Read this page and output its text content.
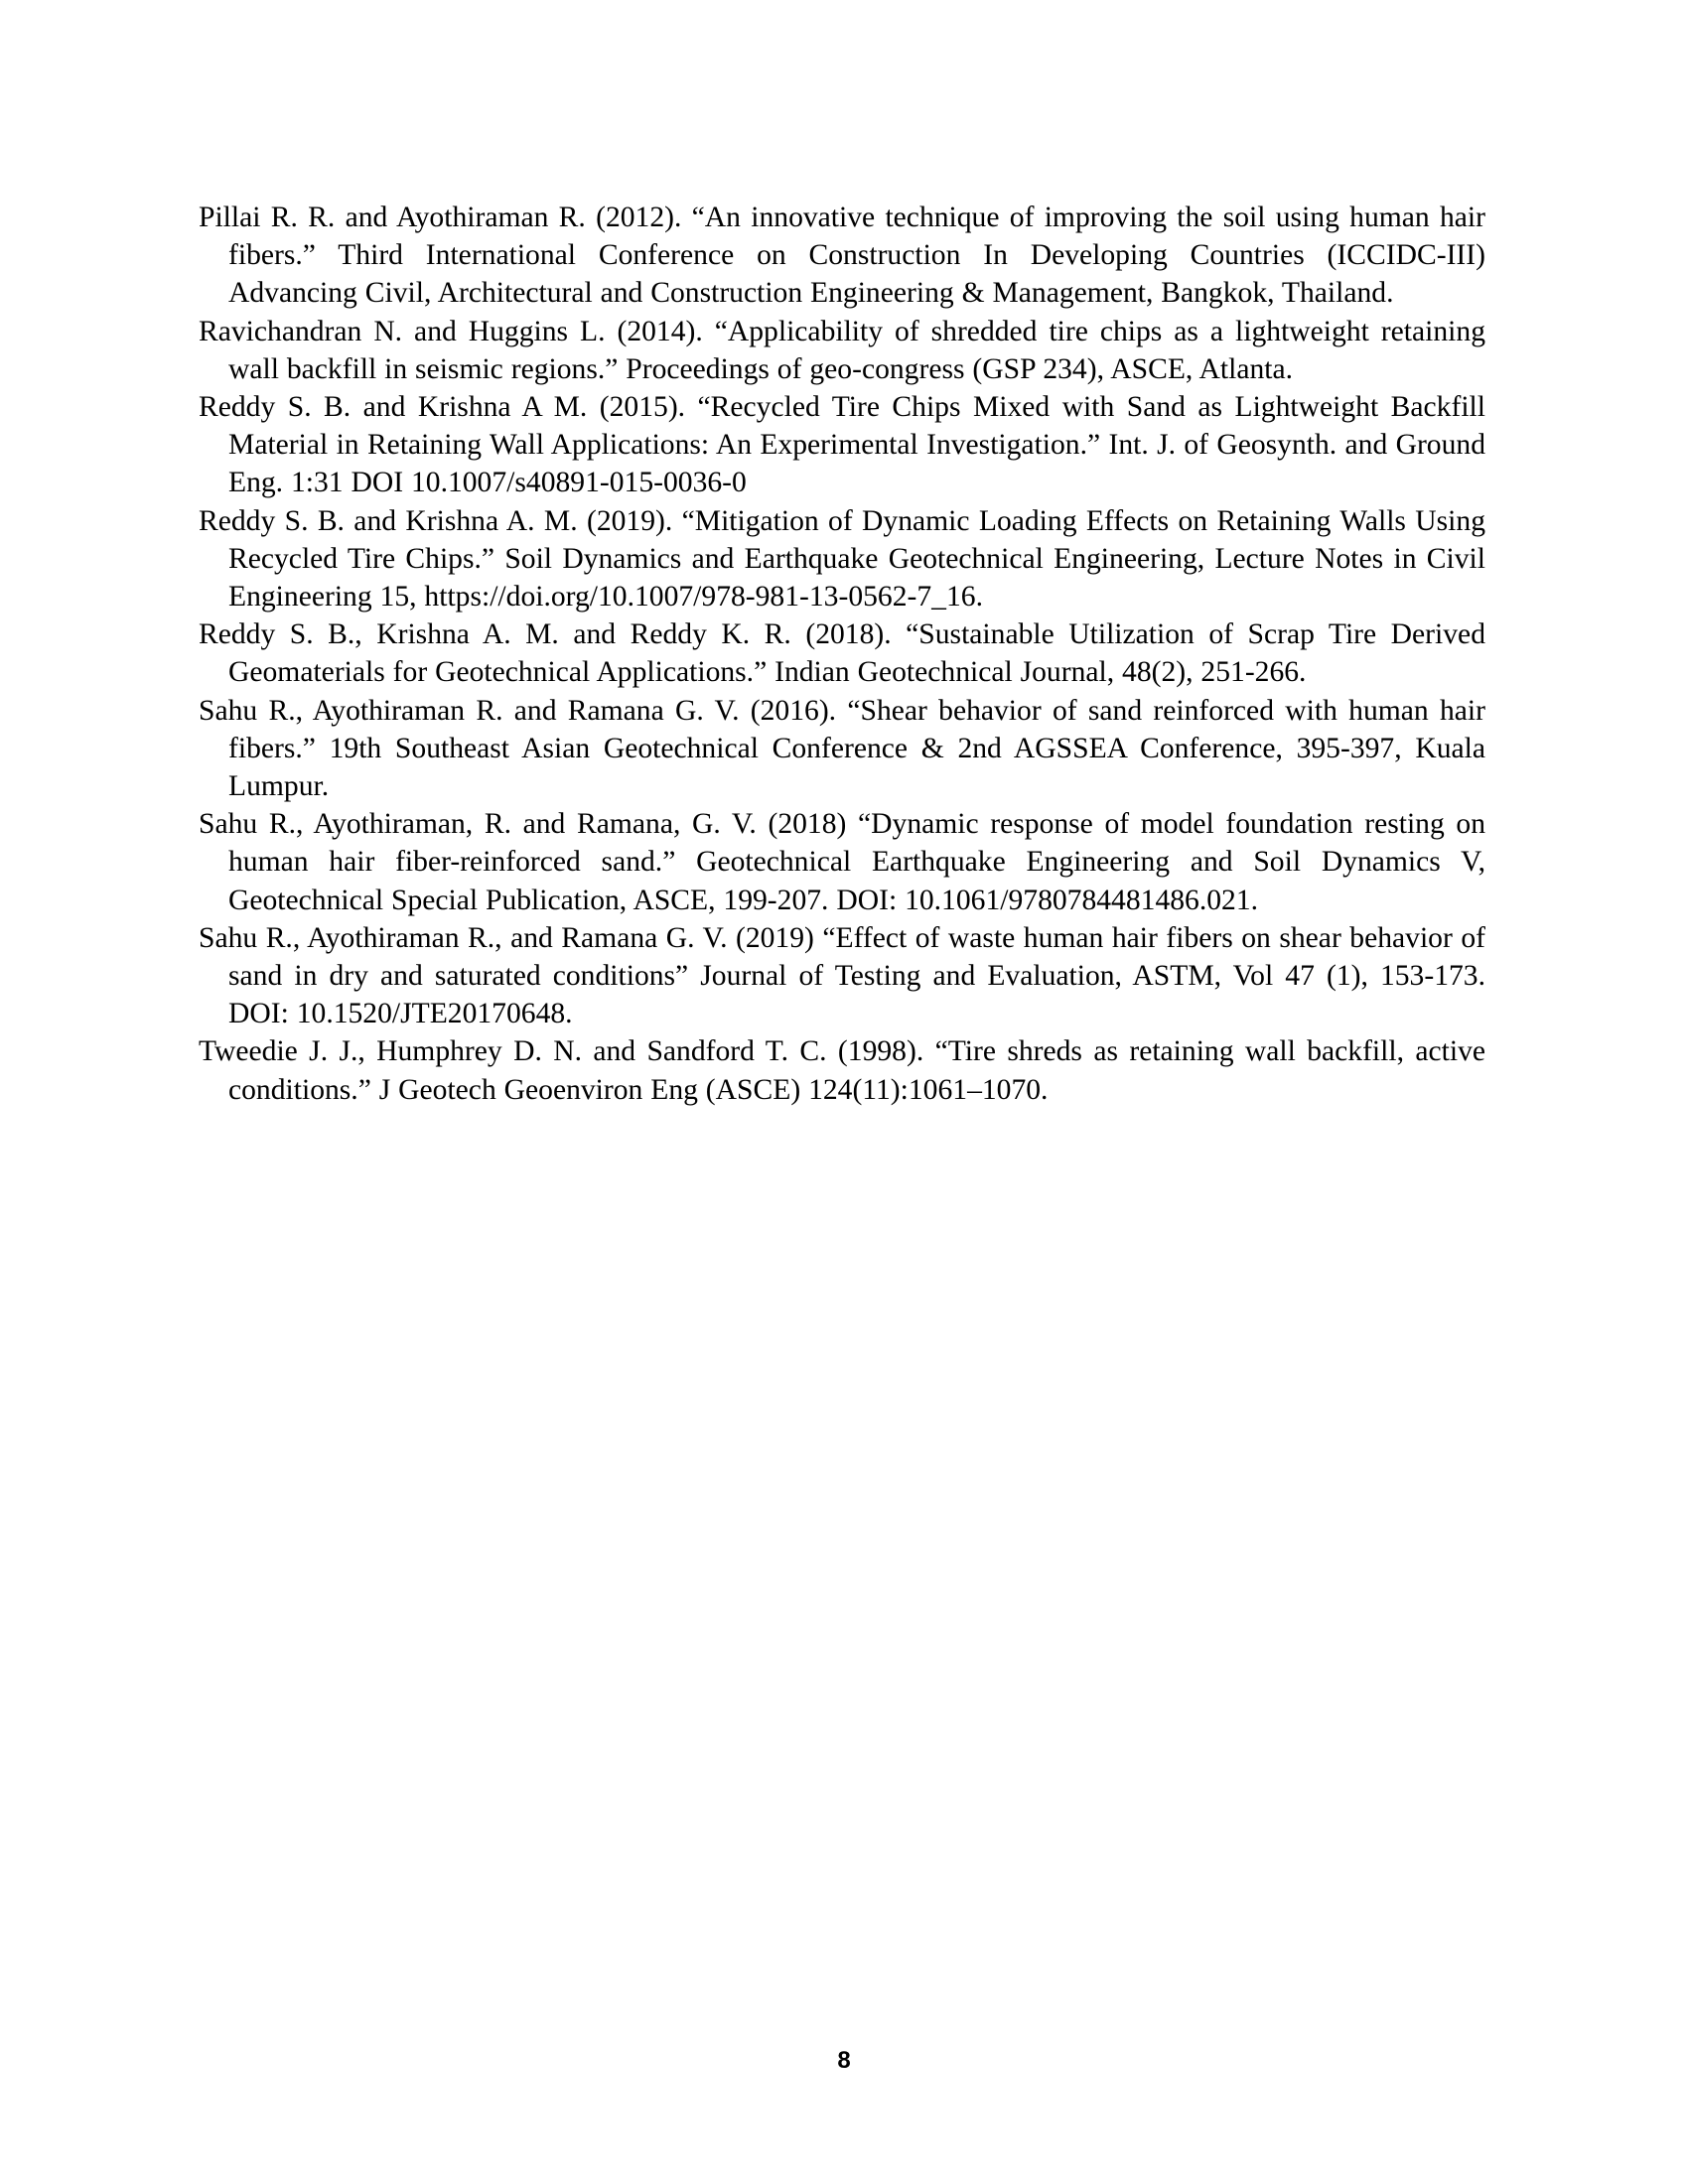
Pillai R. R. and Ayothiraman R. (2012). “An innovative technique of improving the soil using human hair fibers.” Third International Conference on Construction In Developing Countries (ICCIDC-III) Advancing Civil, Architectural and Construction Engineering & Management, Bangkok, Thailand.
Ravichandran N. and Huggins L. (2014). “Applicability of shredded tire chips as a lightweight retaining wall backfill in seismic regions.” Proceedings of geo-congress (GSP 234), ASCE, Atlanta.
Reddy S. B. and Krishna A M. (2015). “Recycled Tire Chips Mixed with Sand as Lightweight Backfill Material in Retaining Wall Applications: An Experimental Investigation.” Int. J. of Geosynth. and Ground Eng. 1:31 DOI 10.1007/s40891-015-0036-0
Reddy S. B. and Krishna A. M. (2019). “Mitigation of Dynamic Loading Effects on Retaining Walls Using Recycled Tire Chips.” Soil Dynamics and Earthquake Geotechnical Engineering, Lecture Notes in Civil Engineering 15, https://doi.org/10.1007/978-981-13-0562-7_16.
Reddy S. B., Krishna A. M. and Reddy K. R. (2018). “Sustainable Utilization of Scrap Tire Derived Geomaterials for Geotechnical Applications.” Indian Geotechnical Journal, 48(2), 251-266.
Sahu R., Ayothiraman R. and Ramana G. V. (2016). “Shear behavior of sand reinforced with human hair fibers.” 19th Southeast Asian Geotechnical Conference & 2nd AGSSEA Conference, 395-397, Kuala Lumpur.
Sahu R., Ayothiraman, R. and Ramana, G. V. (2018) “Dynamic response of model foundation resting on human hair fiber-reinforced sand.” Geotechnical Earthquake Engineering and Soil Dynamics V, Geotechnical Special Publication, ASCE, 199-207. DOI: 10.1061/9780784481486.021.
Sahu R., Ayothiraman R., and Ramana G. V. (2019) “Effect of waste human hair fibers on shear behavior of sand in dry and saturated conditions” Journal of Testing and Evaluation, ASTM, Vol 47 (1), 153-173. DOI: 10.1520/JTE20170648.
Tweedie J. J., Humphrey D. N. and Sandford T. C. (1998). “Tire shreds as retaining wall backfill, active conditions.” J Geotech Geoenviron Eng (ASCE) 124(11):1061–1070.
8
